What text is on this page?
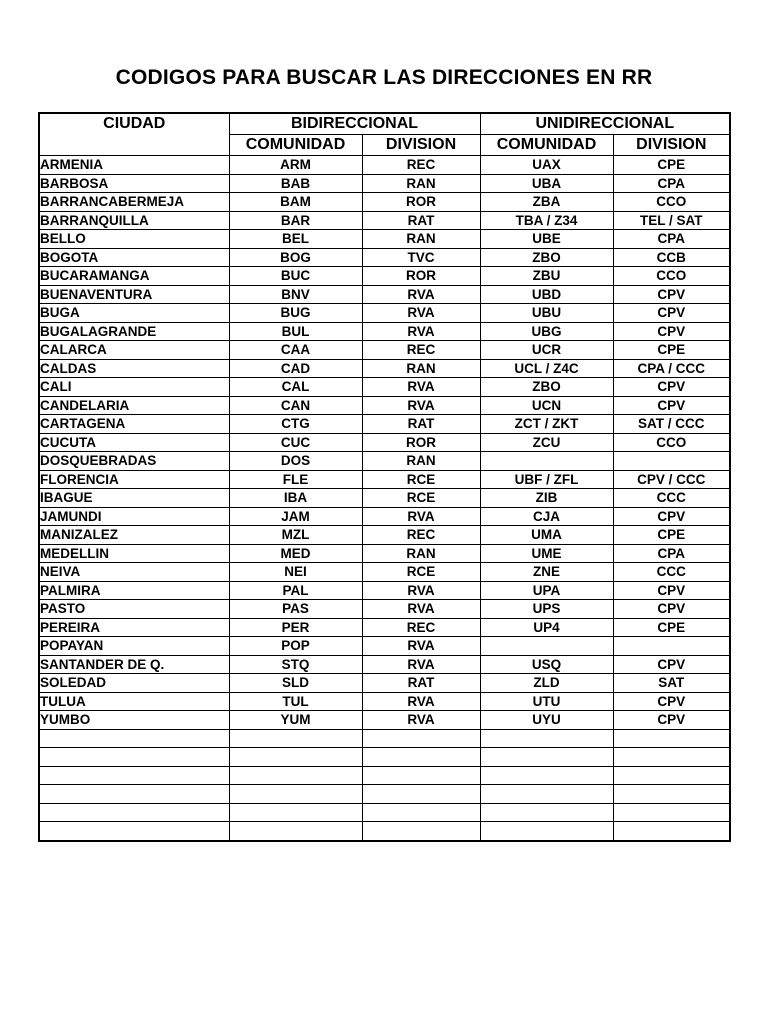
CODIGOS PARA BUSCAR LAS DIRECCIONES EN RR
CIUDAD	BIDIRECCIONAL		UNIDIRECCIONAL	
	COMUNIDAD	DIVISION	COMUNIDAD	DIVISION
ARMENIA	ARM	REC	UAX	CPE
BARBOSA	BAB	RAN	UBA	CPA
BARRANCABERMEJA	BAM	ROR	ZBA	CCO
BARRANQUILLA	BAR	RAT	TBA / Z34	TEL / SAT
BELLO	BEL	RAN	UBE	CPA
BOGOTA	BOG	TVC	ZBO	CCB
BUCARAMANGA	BUC	ROR	ZBU	CCO
BUENAVENTURA	BNV	RVA	UBD	CPV
BUGA	BUG	RVA	UBU	CPV
BUGALAGRANDE	BUL	RVA	UBG	CPV
CALARCA	CAA	REC	UCR	CPE
CALDAS	CAD	RAN	UCL / Z4C	CPA / CCC
CALI	CAL	RVA	ZBO	CPV
CANDELARIA	CAN	RVA	UCN	CPV
CARTAGENA	CTG	RAT	ZCT / ZKT	SAT / CCC
CUCUTA	CUC	ROR	ZCU	CCO
DOSQUEBRADAS	DOS	RAN		
FLORENCIA	FLE	RCE	UBF / ZFL	CPV / CCC
IBAGUE	IBA	RCE	ZIB	CCC
JAMUNDI	JAM	RVA	CJA	CPV
MANIZALEZ	MZL	REC	UMA	CPE
MEDELLIN	MED	RAN	UME	CPA
NEIVA	NEI	RCE	ZNE	CCC
PALMIRA	PAL	RVA	UPA	CPV
PASTO	PAS	RVA	UPS	CPV
PEREIRA	PER	REC	UP4	CPE
POPAYAN	POP	RVA		
SANTANDER DE Q.	STQ	RVA	USQ	CPV
SOLEDAD	SLD	RAT	ZLD	SAT
TULUA	TUL	RVA	UTU	CPV
YUMBO	YUM	RVA	UYU	CPV
